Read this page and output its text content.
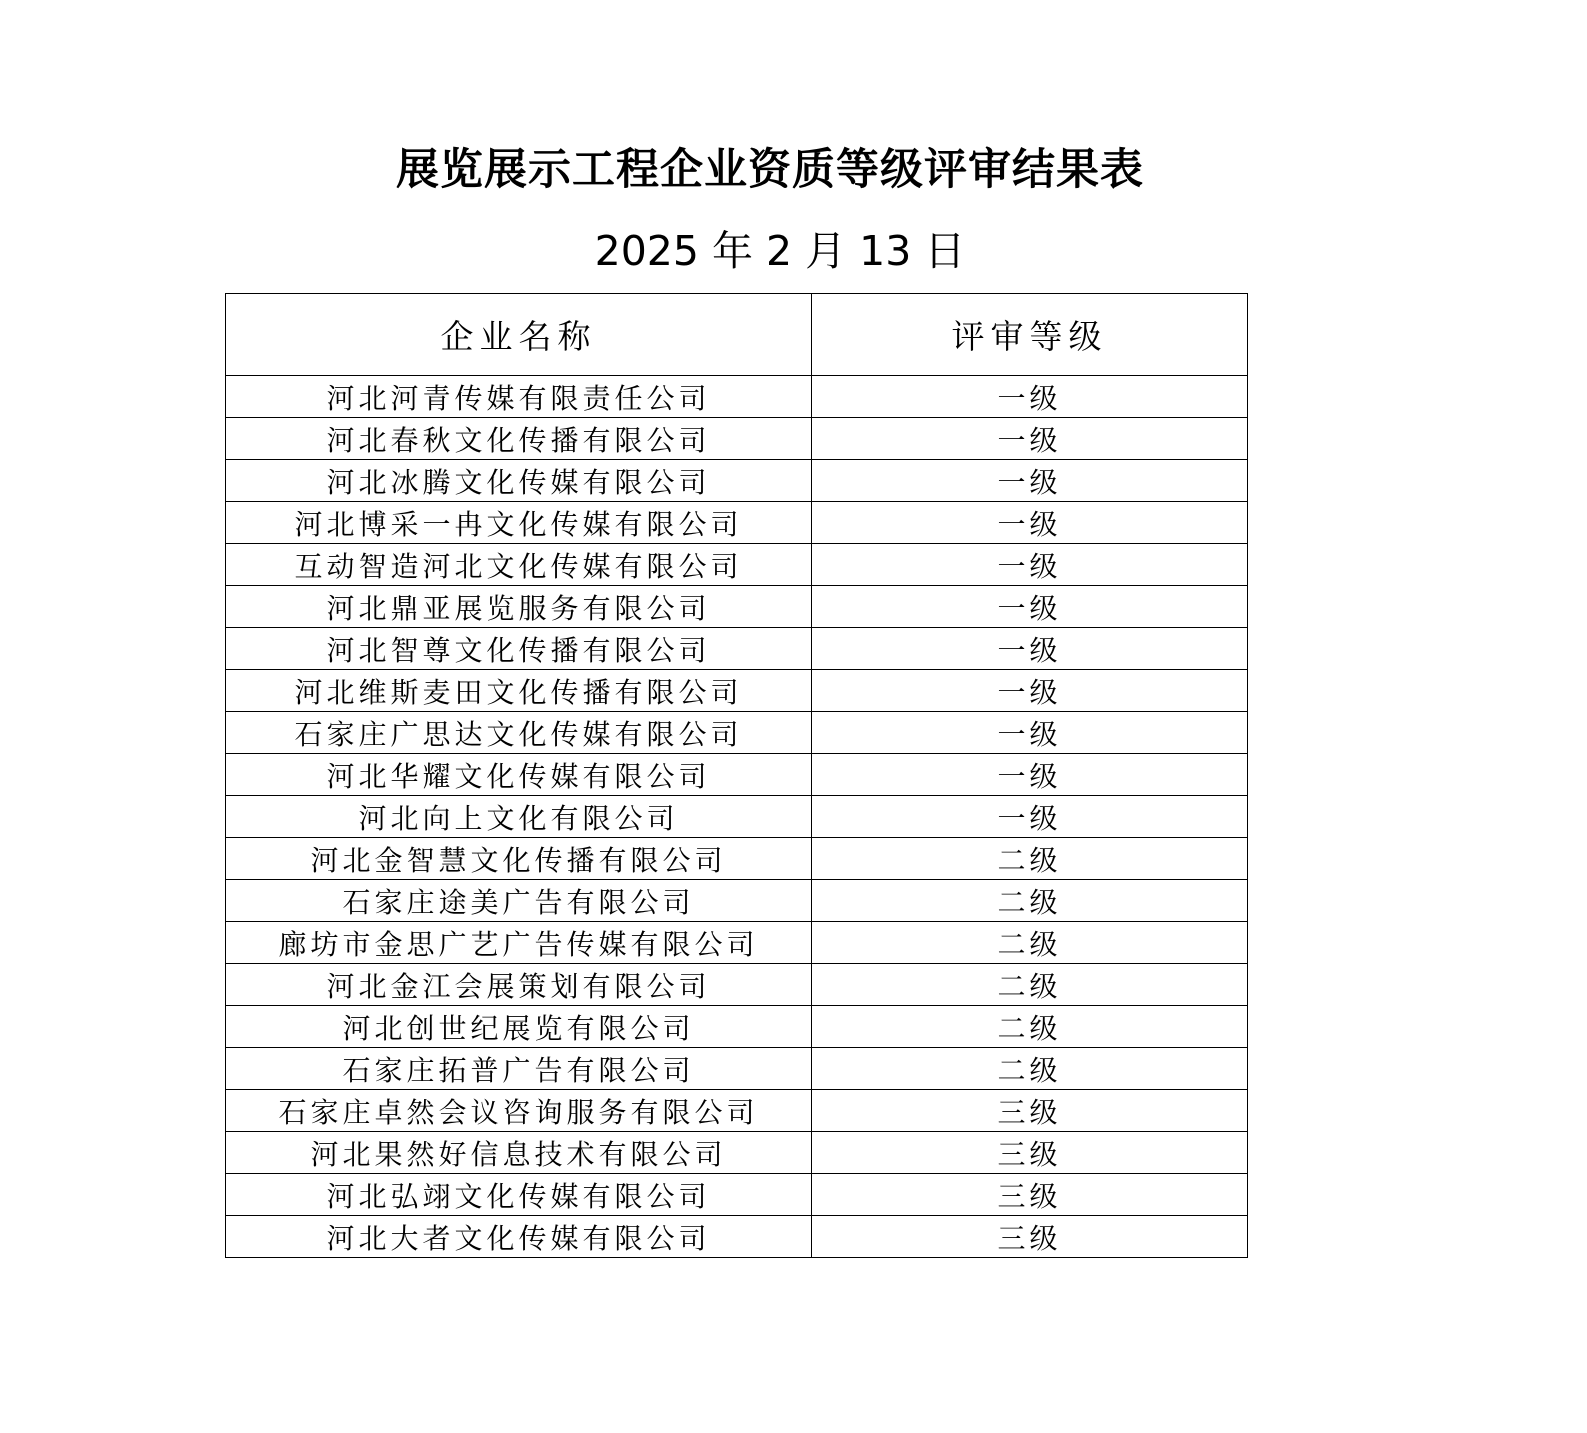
展览展示工程企业资质等级评审结果表
2025 年 2 月 13 日
企业名称	评审等级
河北河青传媒有限责任公司	一级
河北春秋文化传播有限公司	一级
河北冰腾文化传媒有限公司	一级
河北博采一冉文化传媒有限公司	一级
互动智造河北文化传媒有限公司	一级
河北鼎亚展览服务有限公司	一级
河北智尊文化传播有限公司	一级
河北维斯麦田文化传播有限公司	一级
石家庄广思达文化传媒有限公司	一级
河北华耀文化传媒有限公司	一级
河北向上文化有限公司	一级
河北金智慧文化传播有限公司	二级
石家庄途美广告有限公司	二级
廊坊市金思广艺广告传媒有限公司	二级
河北金江会展策划有限公司	二级
河北创世纪展览有限公司	二级
石家庄拓普广告有限公司	二级
石家庄卓然会议咨询服务有限公司	三级
河北果然好信息技术有限公司	三级
河北弘翊文化传媒有限公司	三级
河北大者文化传媒有限公司	三级
